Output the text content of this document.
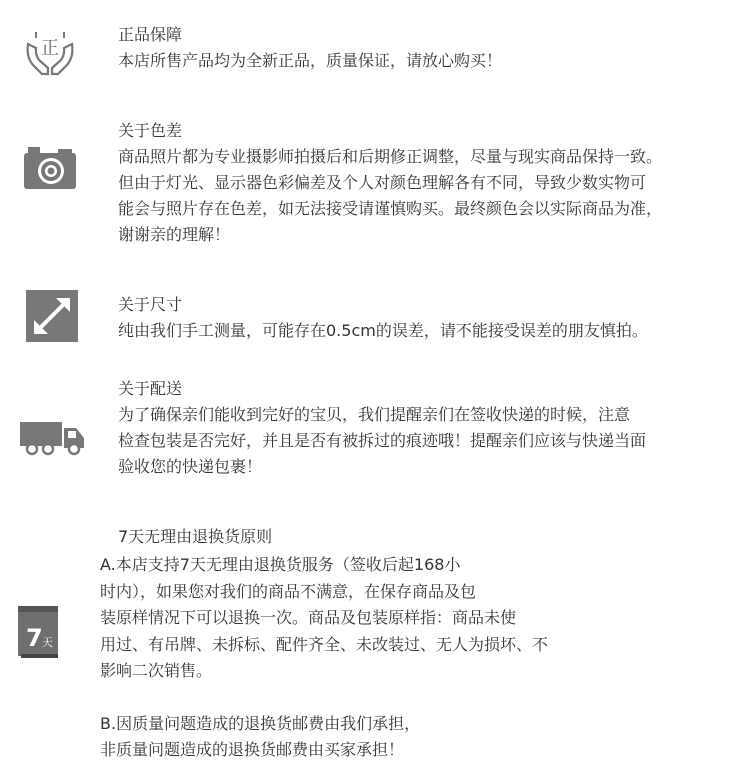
正
正品保障
本店所售产品均为全新正品，质量保证，请放心购买！
关于色差
商品照片都为专业摄影师拍摄后和后期修正调整，尽量与现实商品保持一致。
但由于灯光、显示器色彩偏差及个人对颜色理解各有不同，导致少数实物可
能会与照片存在色差，如无法接受请谨慎购买。最终颜色会以实际商品为准，
谢谢亲的理解！
关于尺寸
纯由我们手工测量，可能存在0.5cm的误差，请不能接受误差的朋友慎拍。
关于配送
为了确保亲们能收到完好的宝贝，我们提醒亲们在签收快递的时候，注意
检查包装是否完好，并且是否有被拆过的痕迹哦！提醒亲们应该与快递当面
验收您的快递包裹！
7 天
7天无理由退换货原则
A.本店支持7天无理由退换货服务（签收后起168小
时内），如果您对我们的商品不满意，在保存商品及包
装原样情况下可以退换一次。商品及包装原样指：商品未使
用过、有吊牌、未拆标、配件齐全、未改装过、无人为损坏、不
影响二次销售。
B.因质量问题造成的退换货邮费由我们承担，
非质量问题造成的退换货邮费由买家承担！
